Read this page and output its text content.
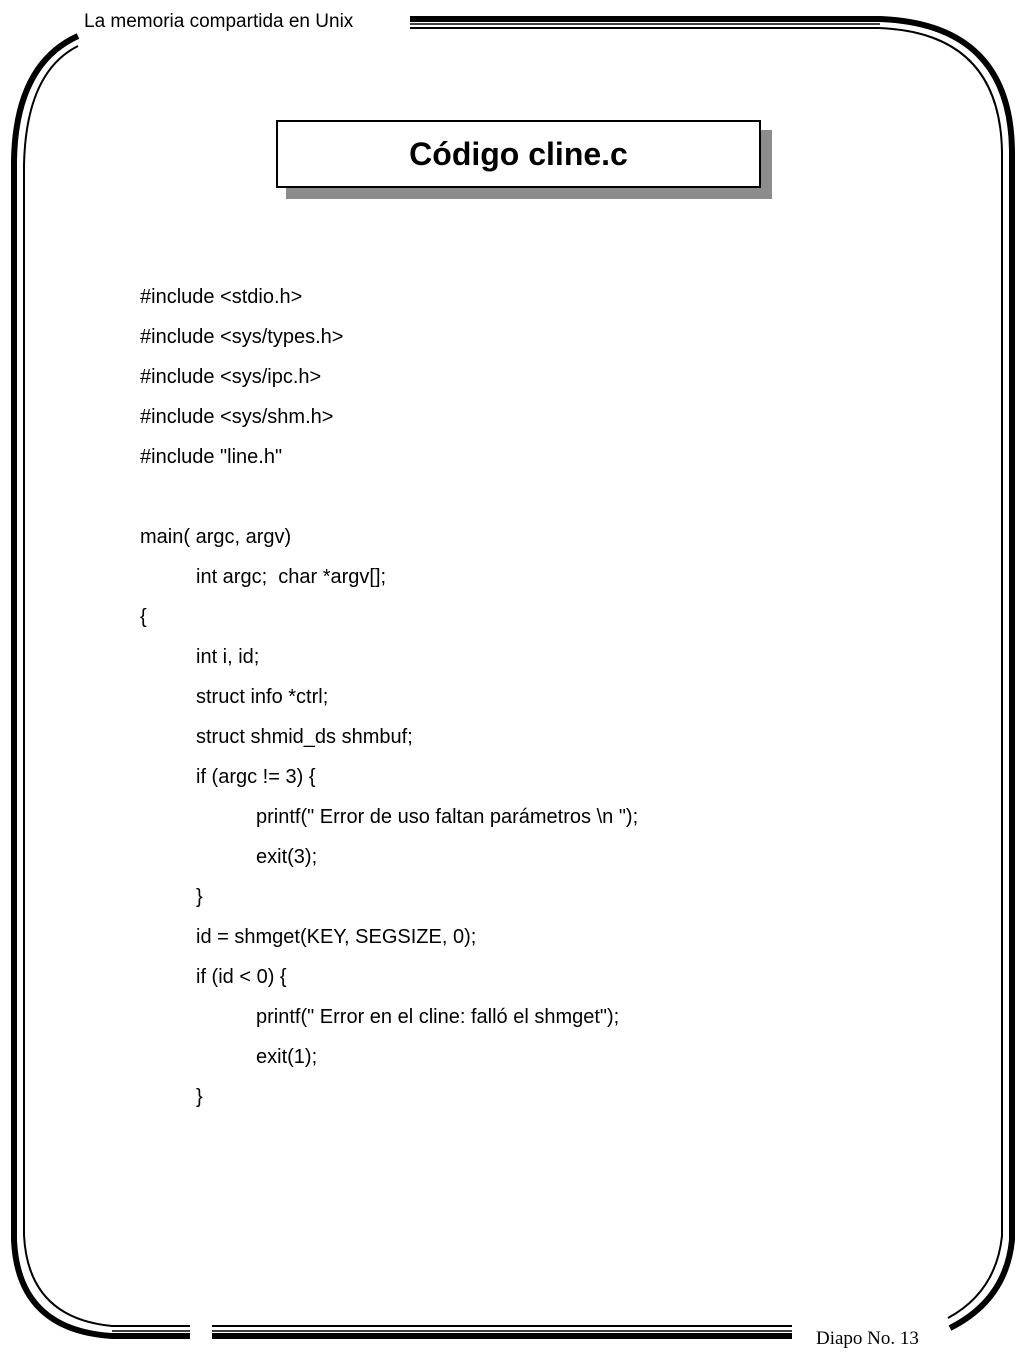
La memoria compartida en Unix
Diapo No. 13
Código cline.c
#include <stdio.h>
#include <sys/types.h>
#include <sys/ipc.h>
#include <sys/shm.h>
#include "line.h"
main( argc, argv)
int argc;  char *argv[];
{
int i, id;
struct info *ctrl;
struct shmid_ds shmbuf;
if (argc != 3) {
printf(" Error de uso faltan parámetros \n ");
exit(3);
}
id = shmget(KEY, SEGSIZE, 0);
if (id < 0) {
printf(" Error en el cline: falló el shmget");
exit(1);
}
